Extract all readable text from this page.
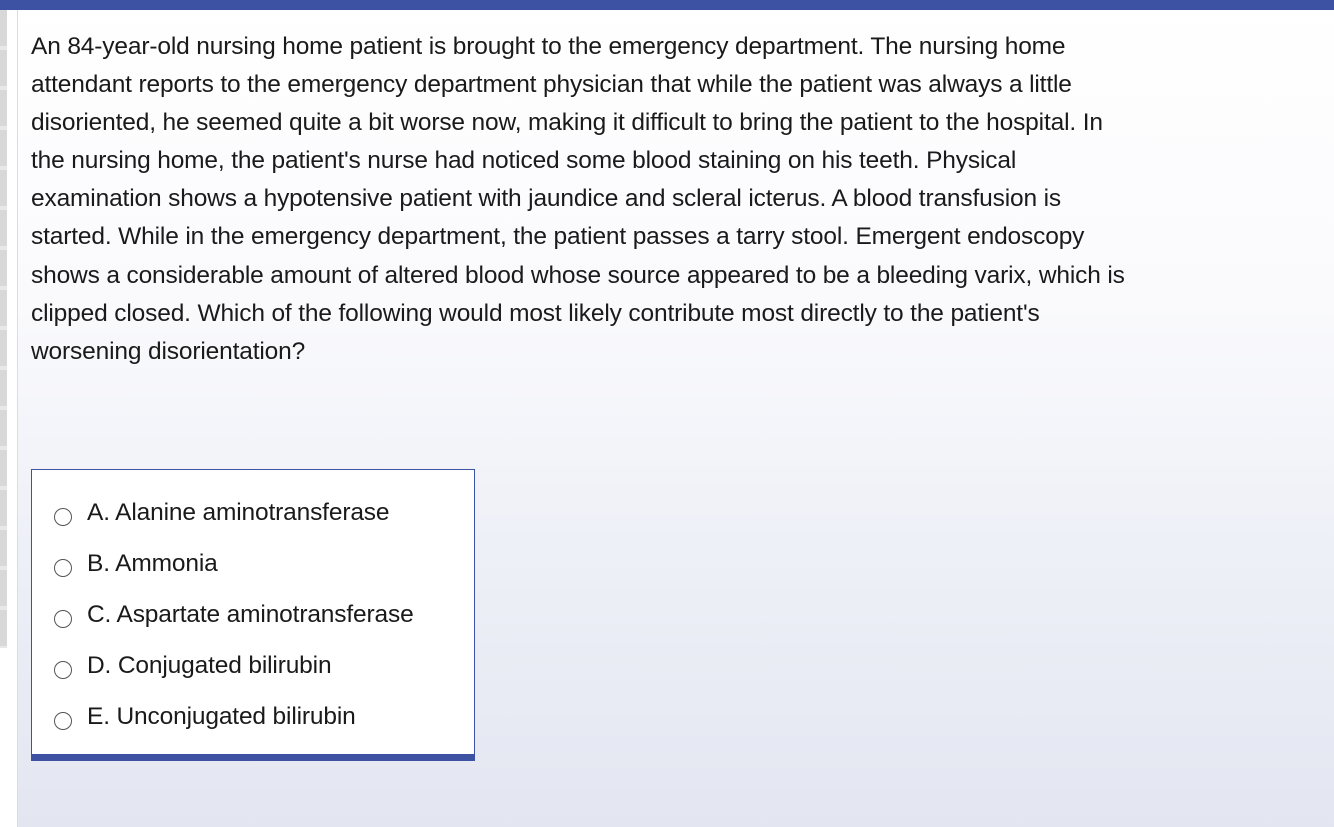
An 84-year-old nursing home patient is brought to the emergency department. The nursing home attendant reports to the emergency department physician that while the patient was always a little disoriented, he seemed quite a bit worse now, making it difficult to bring the patient to the hospital. In the nursing home, the patient's nurse had noticed some blood staining on his teeth. Physical examination shows a hypotensive patient with jaundice and scleral icterus. A blood transfusion is started. While in the emergency department, the patient passes a tarry stool. Emergent endoscopy shows a considerable amount of altered blood whose source appeared to be a bleeding varix, which is clipped closed. Which of the following would most likely contribute most directly to the patient's worsening disorientation?

A. Alanine aminotransferase
B. Ammonia
C. Aspartate aminotransferase
D. Conjugated bilirubin
E. Unconjugated bilirubin
